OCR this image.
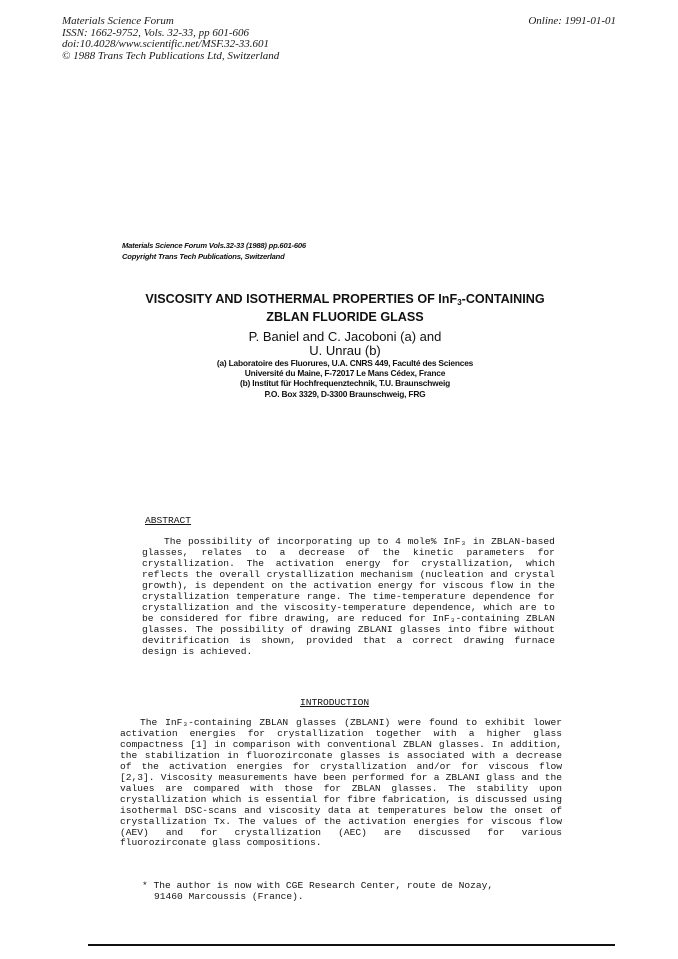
Materials Science Forum
ISSN: 1662-9752, Vols. 32-33, pp 601-606
doi:10.4028/www.scientific.net/MSF.32-33.601
© 1988 Trans Tech Publications Ltd, Switzerland
Online: 1991-01-01
Materials Science Forum Vols.32-33 (1988) pp.601-606
Copyright Trans Tech Publications, Switzerland
VISCOSITY AND ISOTHERMAL PROPERTIES OF InF$_3$-CONTAINING
ZBLAN FLUORIDE GLASS
P. Baniel and C. Jacoboni (a) and
U. Unrau (b)
(a) Laboratoire des Fluorures, U.A. CNRS 449, Faculté des Sciences
Université du Maine, F-72017 Le Mans Cédex, France
(b) Institut für Hochfrequenztechnik, T.U. Braunschweig
P.O. Box 3329, D-3300 Braunschweig, FRG
ABSTRACT
The possibility of incorporating up to 4 mole% InF₃ in ZBLAN-based glasses, relates to a decrease of the kinetic parameters for crystallization. The activation energy for crystallization, which reflects the overall crystallization mechanism (nucleation and crystal growth), is dependent on the activation energy for viscous flow in the crystallization temperature range. The time-temperature dependence for crystallization and the viscosity-temperature dependence, which are to be considered for fibre drawing, are reduced for InF₃-containing ZBLAN glasses. The possibility of drawing ZBLANI glasses into fibre without devitrification is shown, provided that a correct drawing furnace design is achieved.
INTRODUCTION
The InF₃-containing ZBLAN glasses (ZBLANI) were found to exhibit lower activation energies for crystallization together with a higher glass compactness [1] in comparison with conventional ZBLAN glasses. In addition, the stabilization in fluorozirconate glasses is associated with a decrease of the activation energies for crystallization and/or for viscous flow [2,3]. Viscosity measurements have been performed for a ZBLANI glass and the values are compared with those for ZBLAN glasses. The stability upon crystallization which is essential for fibre fabrication, is discussed using isothermal DSC-scans and viscosity data at temperatures below the onset of crystallization Tx. The values of the activation energies for viscous flow (AEV) and for crystallization (AEC) are discussed for various fluorozirconate glass compositions.
* The author is now with CGE Research Center, route de Nozay,
91460 Marcoussis (France).
